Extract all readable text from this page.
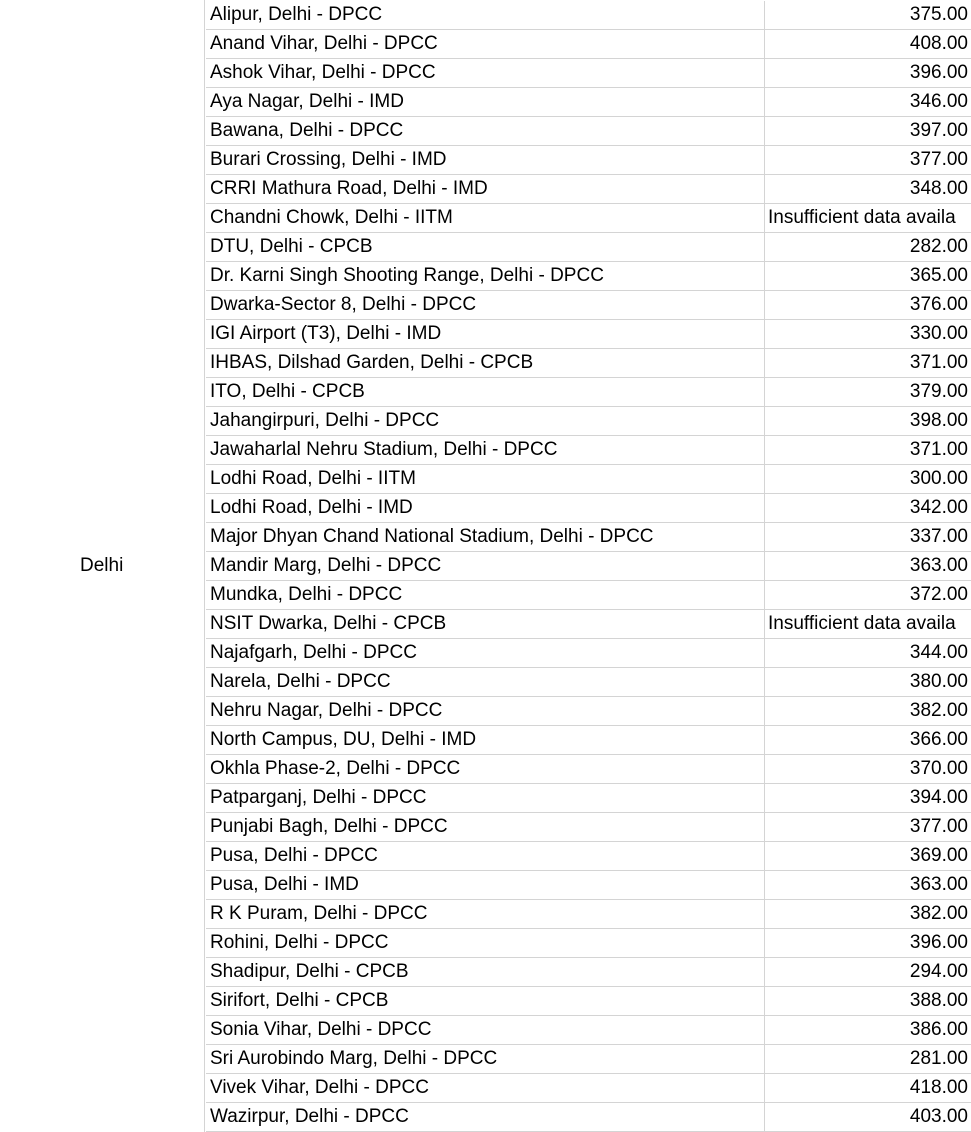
Delhi
Alipur, Delhi - DPCC	375.00
Anand Vihar, Delhi - DPCC	408.00
Ashok Vihar, Delhi - DPCC	396.00
Aya Nagar, Delhi - IMD	346.00
Bawana, Delhi - DPCC	397.00
Burari Crossing, Delhi - IMD	377.00
CRRI Mathura Road, Delhi - IMD	348.00
Chandni Chowk, Delhi - IITM	Insufficient data availa
DTU, Delhi - CPCB	282.00
Dr. Karni Singh Shooting Range, Delhi - DPCC	365.00
Dwarka-Sector 8, Delhi - DPCC	376.00
IGI Airport (T3), Delhi - IMD	330.00
IHBAS, Dilshad Garden, Delhi - CPCB	371.00
ITO, Delhi - CPCB	379.00
Jahangirpuri, Delhi - DPCC	398.00
Jawaharlal Nehru Stadium, Delhi - DPCC	371.00
Lodhi Road, Delhi - IITM	300.00
Lodhi Road, Delhi - IMD	342.00
Major Dhyan Chand National Stadium, Delhi - DPCC	337.00
Mandir Marg, Delhi - DPCC	363.00
Mundka, Delhi - DPCC	372.00
NSIT Dwarka, Delhi - CPCB	Insufficient data availa
Najafgarh, Delhi - DPCC	344.00
Narela, Delhi - DPCC	380.00
Nehru Nagar, Delhi - DPCC	382.00
North Campus, DU, Delhi - IMD	366.00
Okhla Phase-2, Delhi - DPCC	370.00
Patparganj, Delhi - DPCC	394.00
Punjabi Bagh, Delhi - DPCC	377.00
Pusa, Delhi - DPCC	369.00
Pusa, Delhi - IMD	363.00
R K Puram, Delhi - DPCC	382.00
Rohini, Delhi - DPCC	396.00
Shadipur, Delhi - CPCB	294.00
Sirifort, Delhi - CPCB	388.00
Sonia Vihar, Delhi - DPCC	386.00
Sri Aurobindo Marg, Delhi - DPCC	281.00
Vivek Vihar, Delhi - DPCC	418.00
Wazirpur, Delhi - DPCC	403.00
